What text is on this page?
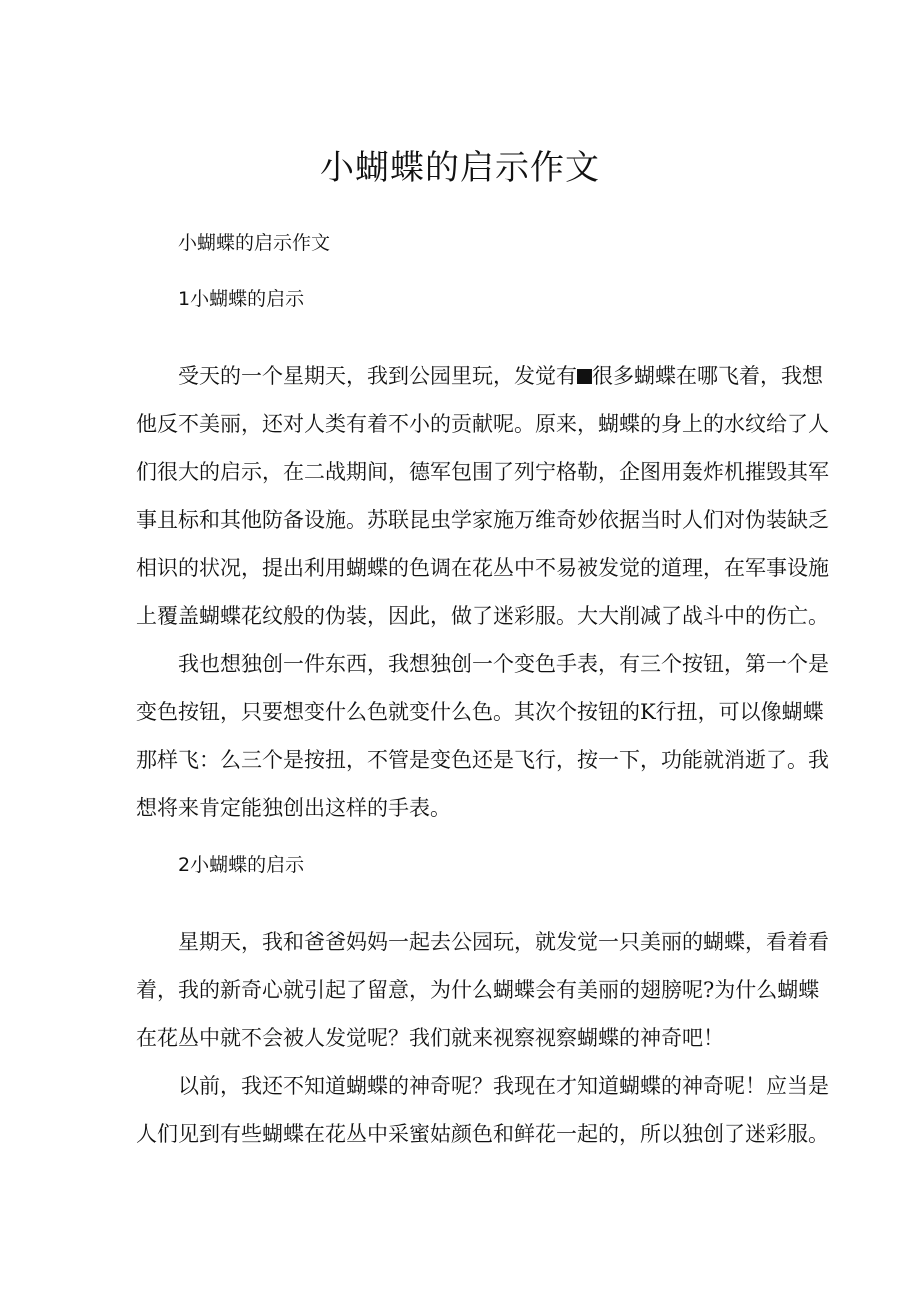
小蝴蝶的启示作文
小蝴蝶的启示作文
1小蝴蝶的启示
受天的一个星期天，我到公园里玩，发觉有 很多蝴蝶在哪飞着，我想
他反不美丽，还对人类有着不小的贡献呢。原来，蝴蝶的身上的水纹给了人
们很大的启示，在二战期间，德军包围了列宁格勒，企图用轰炸机摧毁其军
事且标和其他防备设施。苏联昆虫学家施万维奇妙依据当时人们对伪装缺乏
相识的状况，提出利用蝴蝶的色调在花丛中不易被发觉的道理，在军事设施
上覆盖蝴蝶花纹般的伪装，因此，做了迷彩服。大大削减了战斗中的伤亡。
我也想独创一件东西，我想独创一个变色手表，有三个按钮，第一个是
变色按钮，只要想变什么色就变什么色。其次个按钮的K行扭，可以像蝴蝶
那样飞：么三个是按扭，不管是变色还是飞行，按一下，功能就消逝了。我
想将来肯定能独创出这样的手表。
2小蝴蝶的启示
星期天，我和爸爸妈妈一起去公园玩，就发觉一只美丽的蝴蝶，看着看
着，我的新奇心就引起了留意，为什么蝴蝶会有美丽的翅膀呢?为什么蝴蝶
在花丛中就不会被人发觉呢？我们就来视察视察蝴蝶的神奇吧！
以前，我还不知道蝴蝶的神奇呢？我现在才知道蝴蝶的神奇呢！应当是
人们见到有些蝴蝶在花丛中采蜜姑颜色和鲜花一起的，所以独创了迷彩服。
